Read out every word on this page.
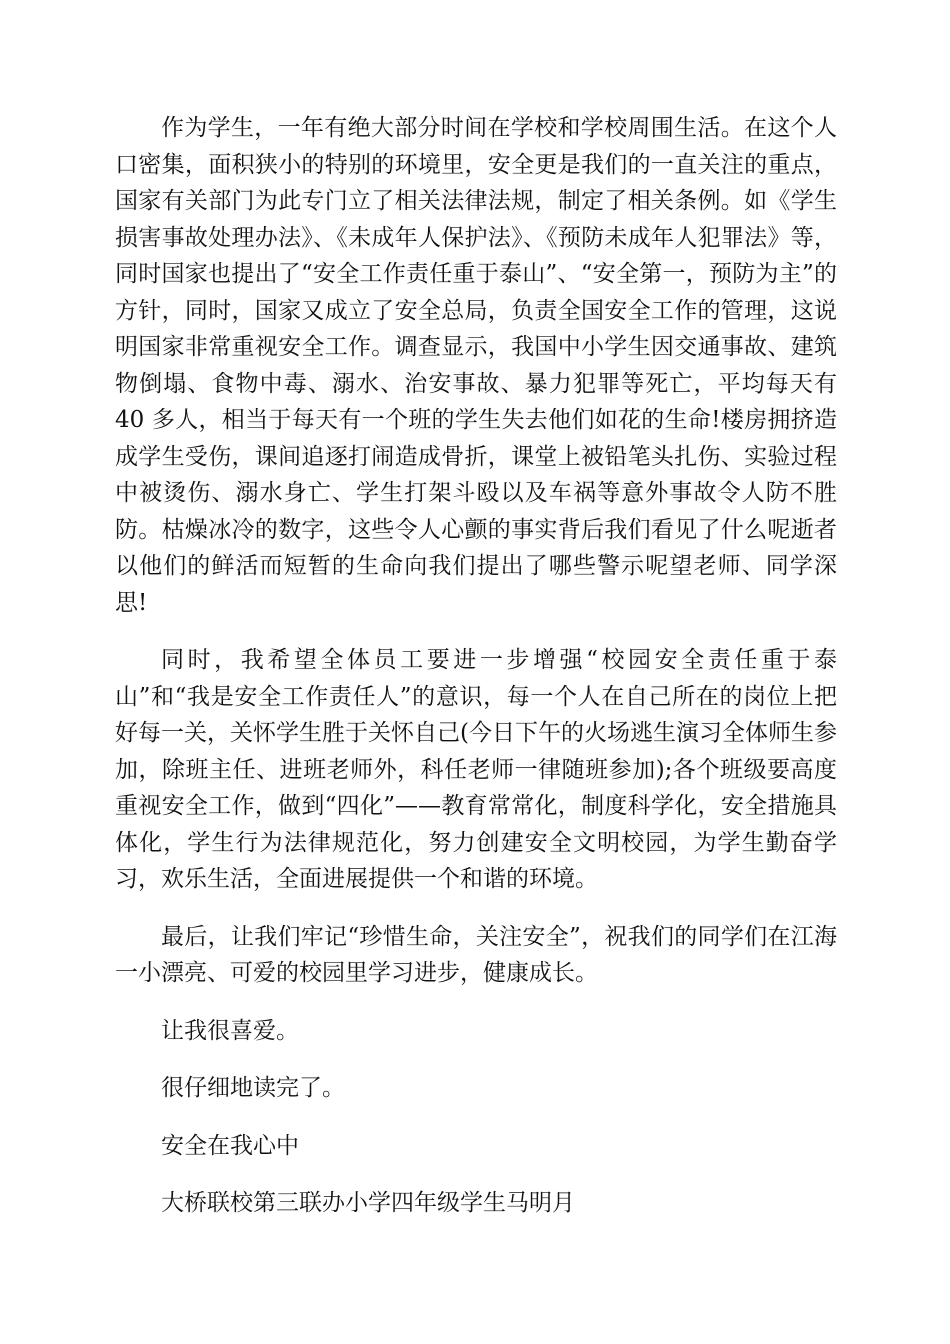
作为学生，一年有绝大部分时间在学校和学校周围生活。在这个人口密集，面积狭小的特别的环境里，安全更是我们的一直关注的重点，国家有关部门为此专门立了相关法律法规，制定了相关条例。如《学生损害事故处理办法》、《未成年人保护法》、《预防未成年人犯罪法》等，同时国家也提出了“安全工作责任重于泰山”、“安全第一，预防为主”的方针，同时，国家又成立了安全总局，负责全国安全工作的管理，这说明国家非常重视安全工作。调查显示，我国中小学生因交通事故、建筑物倒塌、食物中毒、溺水、治安事故、暴力犯罪等死亡，平均每天有 40 多人，相当于每天有一个班的学生失去他们如花的生命!楼房拥挤造成学生受伤，课间追逐打闹造成骨折，课堂上被铅笔头扎伤、实验过程中被烫伤、溺水身亡、学生打架斗殴以及车祸等意外事故令人防不胜防。枯燥冰冷的数字，这些令人心颤的事实背后我们看见了什么呢逝者以他们的鲜活而短暂的生命向我们提出了哪些警示呢望老师、同学深思!

同时，我希望全体员工要进一步增强“校园安全责任重于泰山”和“我是安全工作责任人”的意识，每一个人在自己所在的岗位上把好每一关，关怀学生胜于关怀自己(今日下午的火场逃生演习全体师生参加，除班主任、进班老师外，科任老师一律随班参加);各个班级要高度重视安全工作，做到“四化”——教育常常化，制度科学化，安全措施具体化，学生行为法律规范化，努力创建安全文明校园，为学生勤奋学习，欢乐生活，全面进展提供一个和谐的环境。

最后，让我们牢记“珍惜生命，关注安全”，祝我们的同学们在江海一小漂亮、可爱的校园里学习进步，健康成长。

让我很喜爱。

很仔细地读完了。

安全在我心中

大桥联校第三联办小学四年级学生马明月
